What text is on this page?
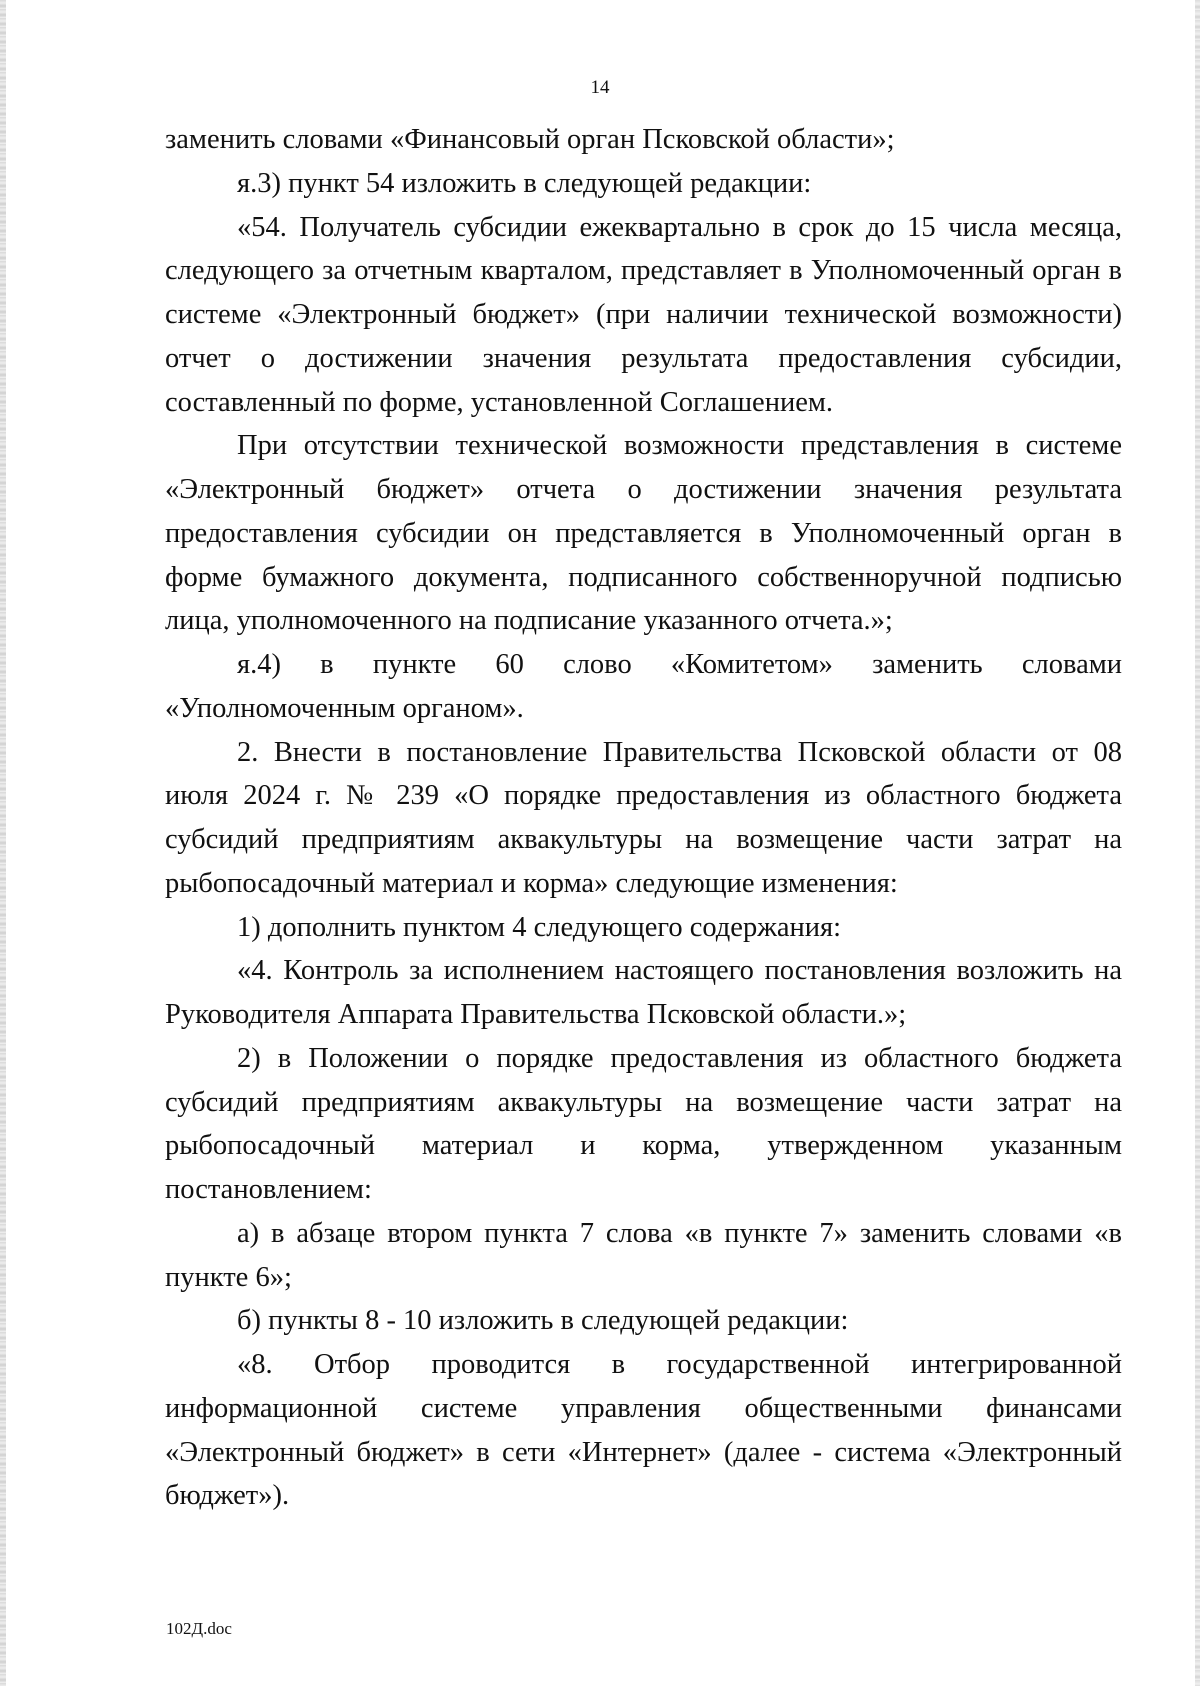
14

заменить словами «Финансовый орган Псковской области»;

я.3) пункт 54 изложить в следующей редакции:

«54. Получатель субсидии ежеквартально в срок до 15 числа месяца, следующего за отчетным кварталом, представляет в Уполномоченный орган в системе «Электронный бюджет» (при наличии технической возможности) отчет о достижении значения результата предоставления субсидии, составленный по форме, установленной Соглашением.

При отсутствии технической возможности представления в системе «Электронный бюджет» отчета о достижении значения результата предоставления субсидии он представляется в Уполномоченный орган в форме бумажного документа, подписанного собственноручной подписью лица, уполномоченного на подписание указанного отчета.»;

я.4) в пункте 60 слово «Комитетом» заменить словами «Уполномоченным органом».

2. Внести в постановление Правительства Псковской области от 08 июля 2024 г. № 239 «О порядке предоставления из областного бюджета субсидий предприятиям аквакультуры на возмещение части затрат на рыбопосадочный материал и корма» следующие изменения:

1) дополнить пунктом 4 следующего содержания:

«4. Контроль за исполнением настоящего постановления возложить на Руководителя Аппарата Правительства Псковской области.»;

2) в Положении о порядке предоставления из областного бюджета субсидий предприятиям аквакультуры на возмещение части затрат на рыбопосадочный материал и корма, утвержденном указанным постановлением:

а) в абзаце втором пункта 7 слова «в пункте 7» заменить словами «в пункте 6»;

б) пункты 8 - 10 изложить в следующей редакции:

«8. Отбор проводится в государственной интегрированной информационной системе управления общественными финансами «Электронный бюджет» в сети «Интернет» (далее - система «Электронный бюджет»).

102Д.doc
